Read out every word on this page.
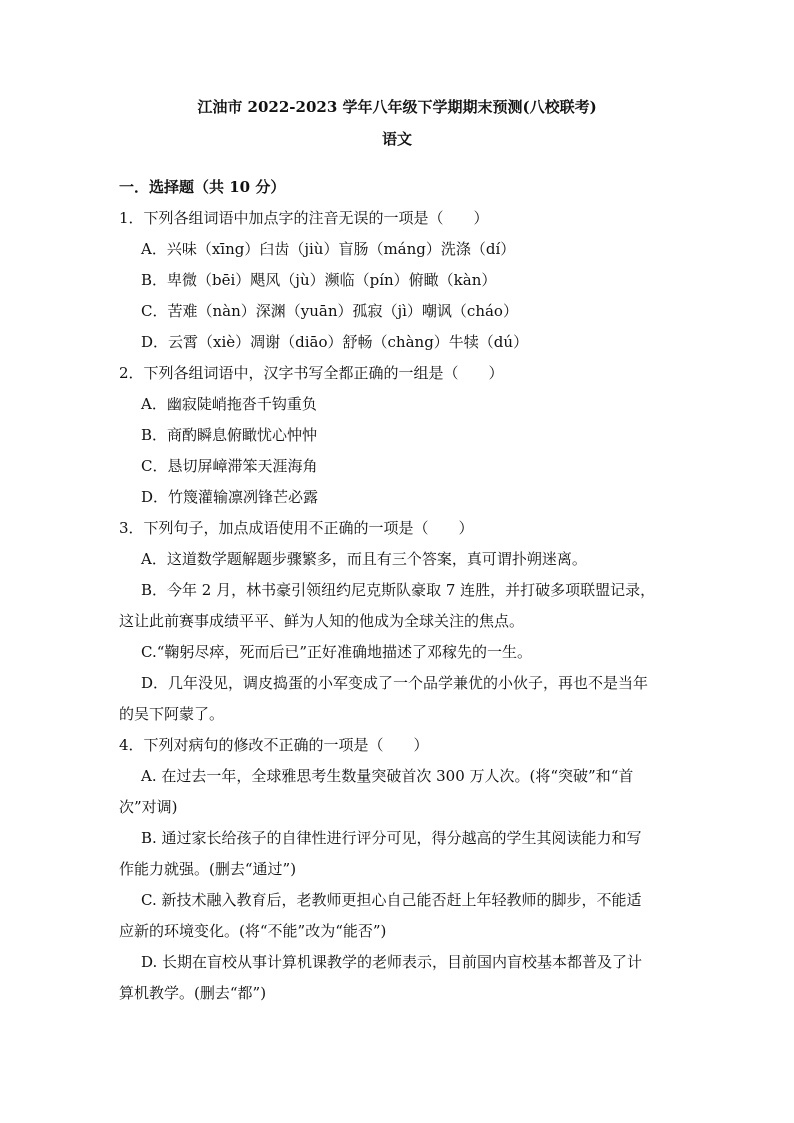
江油市 2022-2023 学年八年级下学期期末预测(八校联考)
语文
一．选择题（共 10 分）
1．下列各组词语中加点字的注音无误的一项是（　　）
A．兴味（xīng）臼齿（jiù）盲肠（máng）洗涤（dí）
B．卑微（bēi）飓风（jù）濒临（pín）俯瞰（kàn）
C．苦难（nàn）深渊（yuān）孤寂（jì）嘲讽（cháo）
D．云霄（xiè）凋谢（diāo）舒畅（chàng）牛犊（dú）
2．下列各组词语中，汉字书写全都正确的一组是（　　）
A．幽寂陡峭拖沓千钩重负
B．商酌瞬息俯瞰忧心忡忡
C．恳切屏嶂滞笨天涯海角
D．竹篾灌输凛冽锋芒必露
3．下列句子，加点成语使用不正确的一项是（　　）
A．这道数学题解题步骤繁多，而且有三个答案，真可谓扑朔迷离。
B．今年 2 月，林书豪引领纽约尼克斯队豪取 7 连胜，并打破多项联盟记录，
这让此前赛事成绩平平、鲜为人知的他成为全球关注的焦点。
C.“鞠躬尽瘁，死而后已”正好准确地描述了邓稼先的一生。
D．几年没见，调皮捣蛋的小军变成了一个品学兼优的小伙子，再也不是当年
的吴下阿蒙了。
4．下列对病句的修改不正确的一项是（　　）
A. 在过去一年，全球雅思考生数量突破首次 300 万人次。(将“突破”和“首
次”对调)
B. 通过家长给孩子的自律性进行评分可见，得分越高的学生其阅读能力和写
作能力就强。(删去“通过”)
C. 新技术融入教育后，老教师更担心自己能否赶上年轻教师的脚步，不能适
应新的环境变化。(将“不能”改为“能否”)
D. 长期在盲校从事计算机课教学的老师表示，目前国内盲校基本都普及了计
算机教学。(删去“都”)
